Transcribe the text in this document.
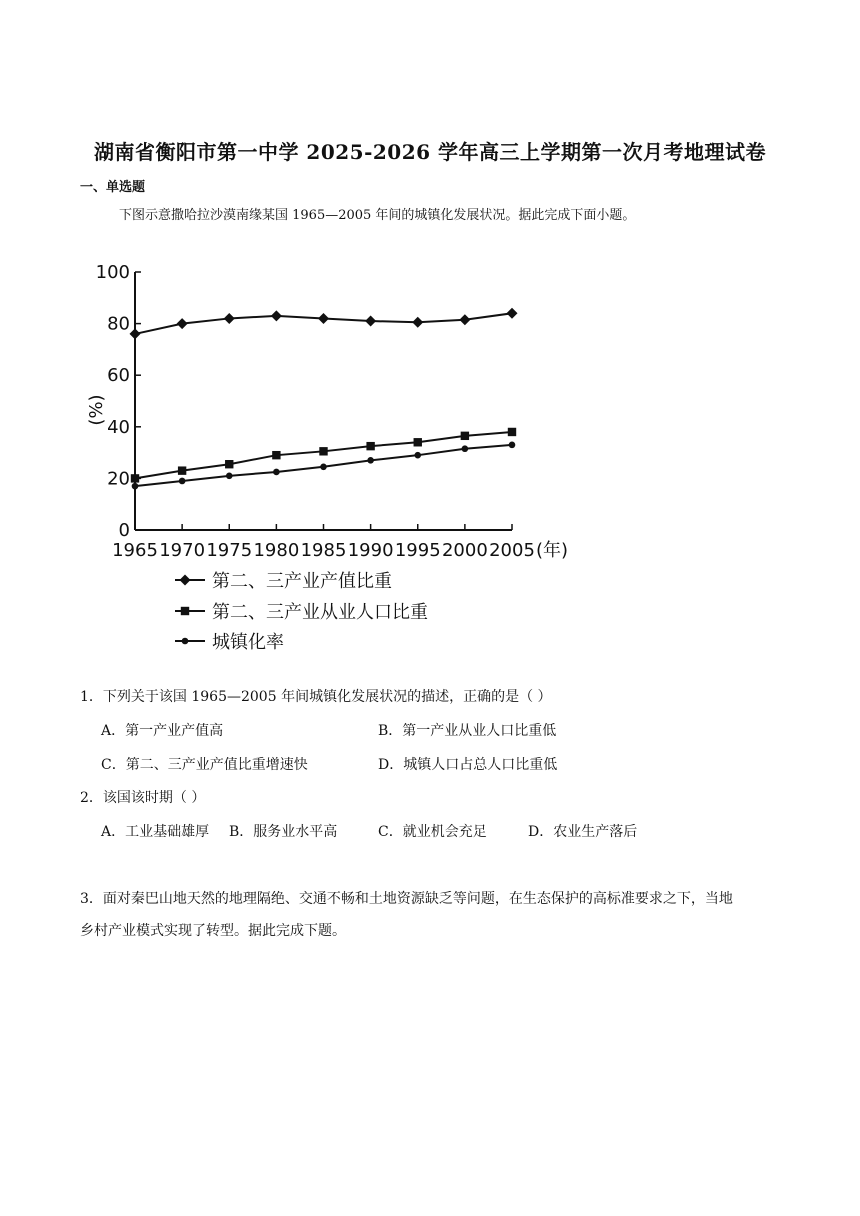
湖南省衡阳市第一中学 2025-2026 学年高三上学期第一次月考地理试卷
一、单选题
下图示意撒哈拉沙漠南缘某国 1965—2005 年间的城镇化发展状况。据此完成下面小题。
0
20
40
60
80
100
1965 1970 1975 1980 1985 1990 1995 2000 2005 (年)
(%)
第二、三产业产值比重
第二、三产业从业人口比重
城镇化率
1．下列关于该国 1965—2005 年间城镇化发展状况的描述，正确的是（ ）
A．第一产业产值高	B．第一产业从业人口比重低
C．第二、三产业产值比重增速快	D．城镇人口占总人口比重低
2．该国该时期（ ）
A．工业基础雄厚 B．服务业水平高	C．就业机会充足	D．农业生产落后
3．面对秦巴山地天然的地理隔绝、交通不畅和土地资源缺乏等问题，在生态保护的高标准要求之下，当地
乡村产业模式实现了转型。据此完成下题。
